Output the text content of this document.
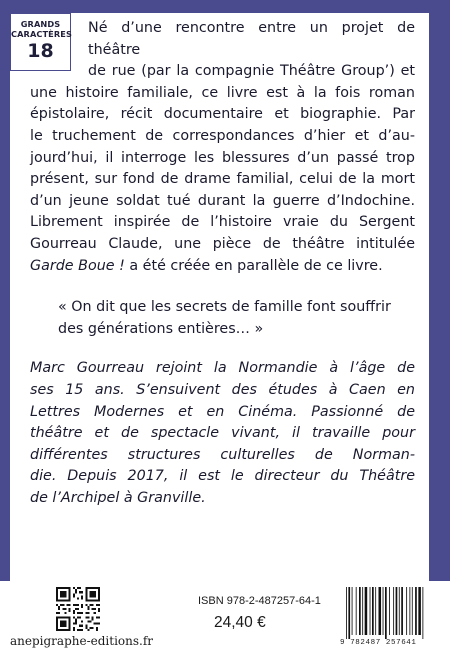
GRANDS
CARACTÈRES
18

Né d’une rencontre entre un projet de théâtre
de rue (par la compagnie Théâtre Group’) et
une histoire familiale, ce livre est à la fois roman
épistolaire, récit documentaire et biographie. Par
le truchement de correspondances d’hier et d’au-
jourd’hui, il interroge les blessures d’un passé trop
présent, sur fond de drame familial, celui de la mort
d’un jeune soldat tué durant la guerre d’Indochine.
Librement inspirée de l’histoire vraie du Sergent
Gourreau Claude, une pièce de théâtre intitulée
Garde Boue ! a été créée en parallèle de ce livre.

« On dit que les secrets de famille font souffrir des générations entières… »

Marc Gourreau rejoint la Normandie à l’âge de
ses 15 ans. S’ensuivent des études à Caen en
Lettres Modernes et en Cinéma. Passionné de
théâtre et de spectacle vivant, il travaille pour
différentes structures culturelles de Norman-
die. Depuis 2017, il est le directeur du Théâtre
de l’Archipel à Granville.

anepigraphe-editions.fr
ISBN 978-2-487257-64-1
24,40 €
9 782487 257641
